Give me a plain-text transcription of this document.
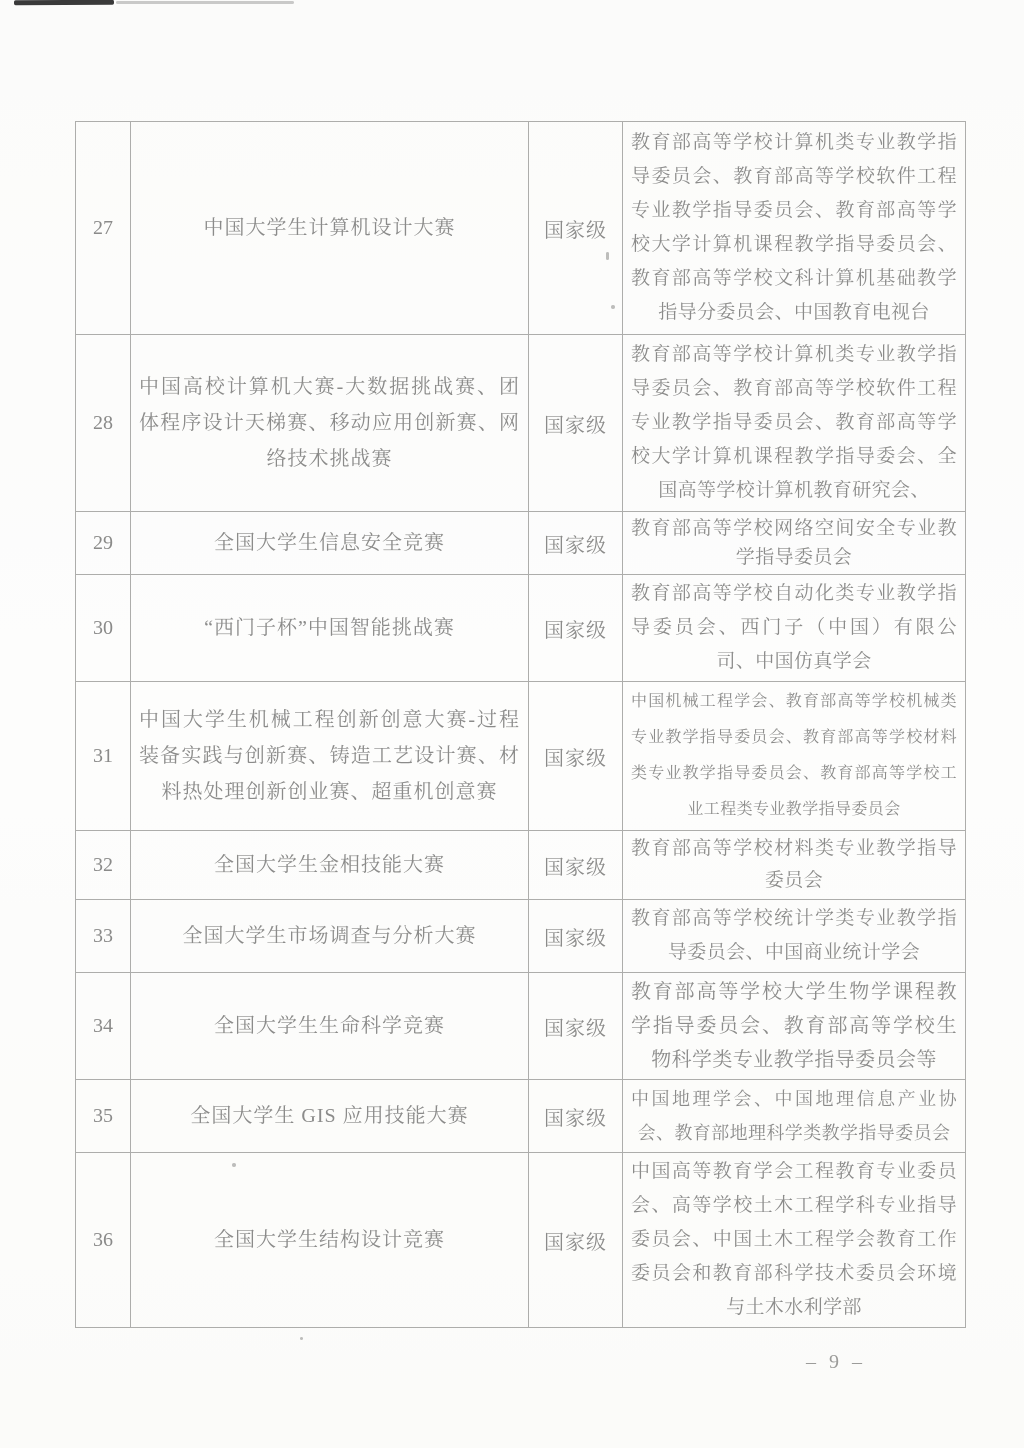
27	中国大学生计算机设计大赛	国家级	教育部高等学校计算机类专业教学指导委员会、教育部高等学校软件工程专业教学指导委员会、教育部高等学校大学计算机课程教学指导委员会、教育部高等学校文科计算机基础教学指导分委员会、中国教育电视台
28	中国高校计算机大赛-大数据挑战赛、团体程序设计天梯赛、移动应用创新赛、网络技术挑战赛	国家级	教育部高等学校计算机类专业教学指导委员会、教育部高等学校软件工程专业教学指导委员会、教育部高等学校大学计算机课程教学指导委会、全国高等学校计算机教育研究会、
29	全国大学生信息安全竞赛	国家级	教育部高等学校网络空间安全专业教学指导委员会
30	“西门子杯”中国智能挑战赛	国家级	教育部高等学校自动化类专业教学指导委员会、西门子（中国）有限公司、中国仿真学会
31	中国大学生机械工程创新创意大赛-过程装备实践与创新赛、铸造工艺设计赛、材料热处理创新创业赛、超重机创意赛	国家级	中国机械工程学会、教育部高等学校机械类专业教学指导委员会、教育部高等学校材料类专业教学指导委员会、教育部高等学校工业工程类专业教学指导委员会
32	全国大学生金相技能大赛	国家级	教育部高等学校材料类专业教学指导委员会
33	全国大学生市场调查与分析大赛	国家级	教育部高等学校统计学类专业教学指导委员会、中国商业统计学会
34	全国大学生生命科学竞赛	国家级	教育部高等学校大学生物学课程教学指导委员会、教育部高等学校生物科学类专业教学指导委员会等
35	全国大学生 GIS 应用技能大赛	国家级	中国地理学会、中国地理信息产业协会、教育部地理科学类教学指导委员会
36	全国大学生结构设计竞赛	国家级	中国高等教育学会工程教育专业委员会、高等学校土木工程学科专业指导委员会、中国土木工程学会教育工作委员会和教育部科学技术委员会环境与土木水利学部
– 9 –
